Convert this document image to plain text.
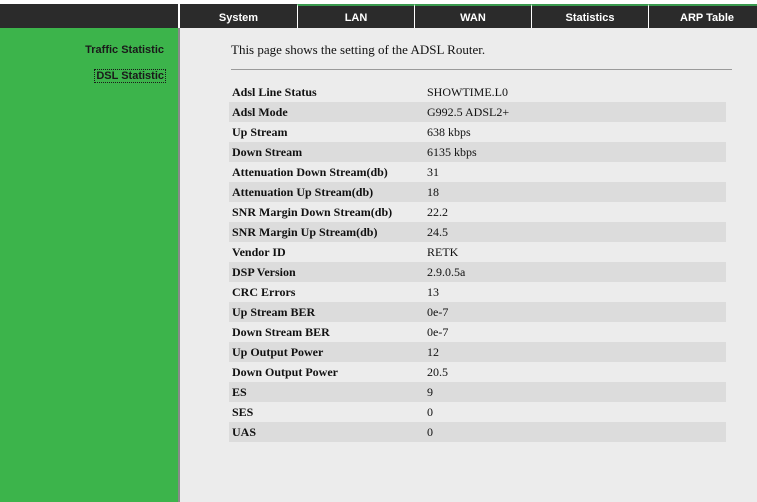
System	LAN	WAN	Statistics	ARP Table
Traffic Statistic
DSL Statistic
This page shows the setting of the ADSL Router.
Adsl Line Status	SHOWTIME.L0
Adsl Mode	G992.5 ADSL2+
Up Stream	638 kbps
Down Stream	6135 kbps
Attenuation Down Stream(db)	31
Attenuation Up Stream(db)	18
SNR Margin Down Stream(db)	22.2
SNR Margin Up Stream(db)	24.5
Vendor ID	RETK
DSP Version	2.9.0.5a
CRC Errors	13
Up Stream BER	0e-7
Down Stream BER	0e-7
Up Output Power	12
Down Output Power	20.5
ES	9
SES	0
UAS	0
